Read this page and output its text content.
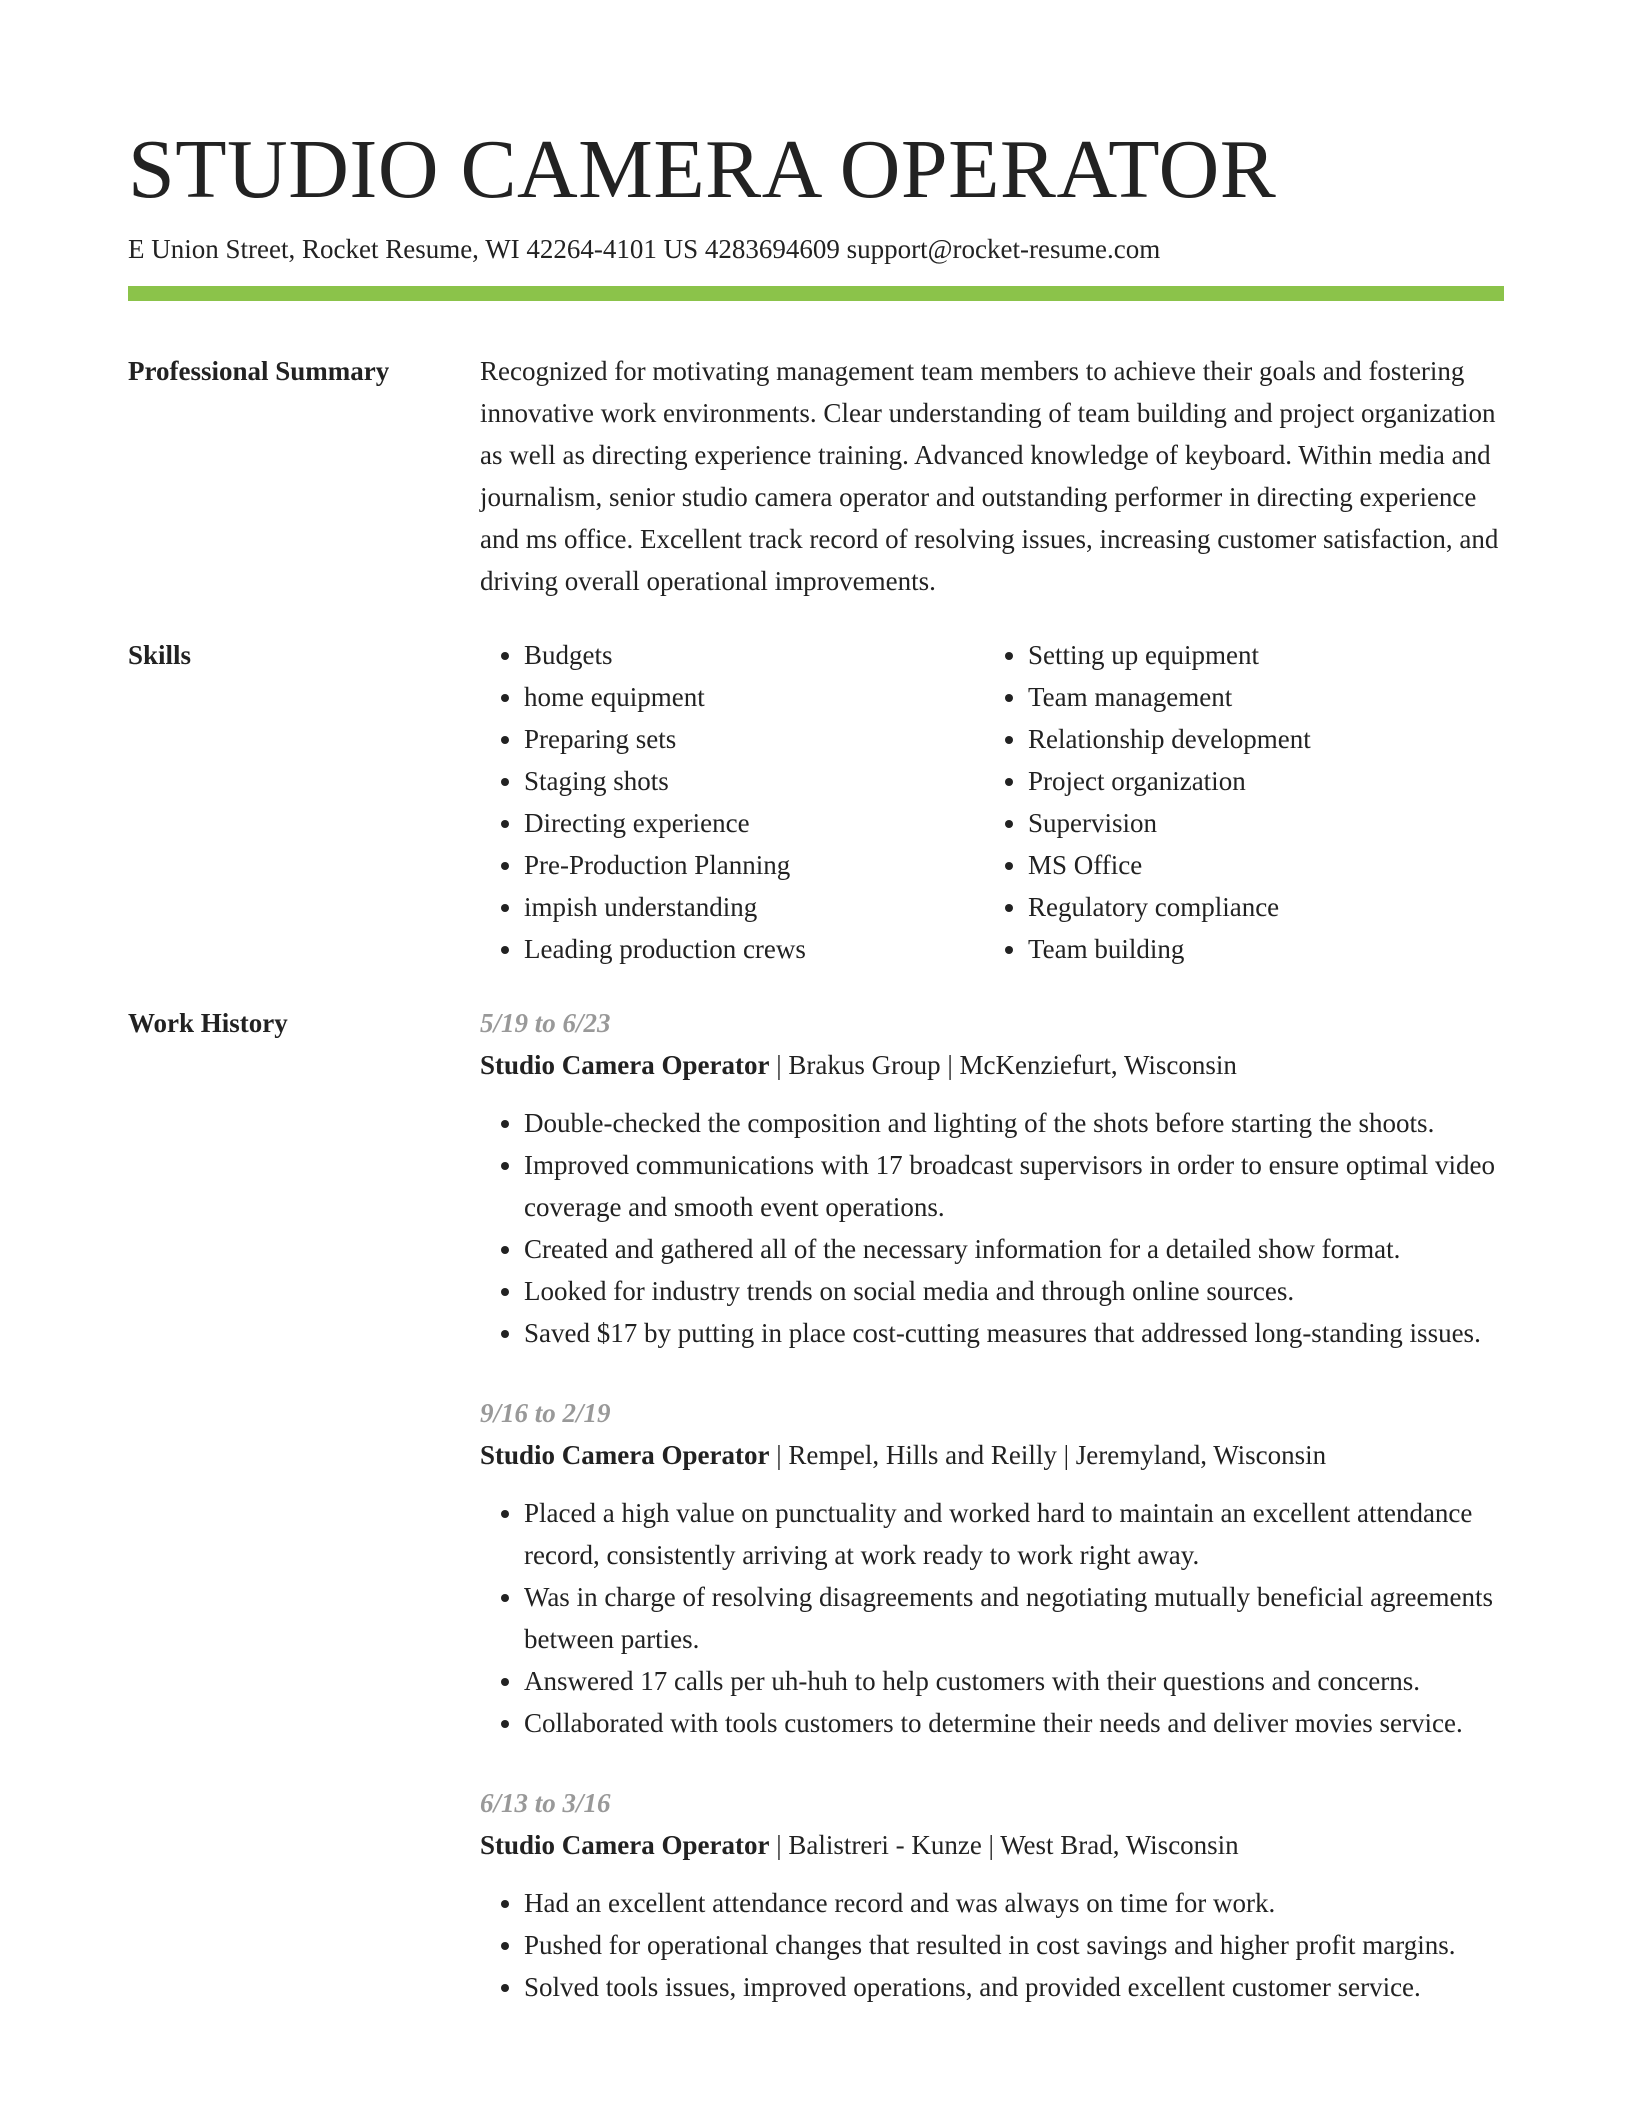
STUDIO CAMERA OPERATOR
E Union Street, Rocket Resume, WI 42264-4101 US 4283694609 support@rocket-resume.com
Professional Summary	Recognized for motivating management team members to achieve their goals and fostering innovative work environments. Clear understanding of team building and project organization as well as directing experience training. Advanced knowledge of keyboard. Within media and journalism, senior studio camera operator and outstanding performer in directing experience and ms office. Excellent track record of resolving issues, increasing customer satisfaction, and driving overall operational improvements.

Skills
•	Budgets
• home equipment
• Preparing sets
• Staging shots
• Directing experience
• Pre-Production Planning
• impish understanding
• Leading production crews
• Setting up equipment
• Team management
• Relationship development
• Project organization
• Supervision
• MS Office
• Regulatory compliance
• Team building
Work History	5/19 to 6/23
Studio Camera Operator | Brakus Group | McKenziefurt, Wisconsin
• Double-checked the composition and lighting of the shots before starting the shoots.
• Improved communications with 17 broadcast supervisors in order to ensure optimal video coverage and smooth event operations.
• Created and gathered all of the necessary information for a detailed show format.
• Looked for industry trends on social media and through online sources.
• Saved $17 by putting in place cost-cutting measures that addressed long-standing issues.
9/16 to 2/19
Studio Camera Operator | Rempel, Hills and Reilly | Jeremyland, Wisconsin
• Placed a high value on punctuality and worked hard to maintain an excellent attendance record, consistently arriving at work ready to work right away.
• Was in charge of resolving disagreements and negotiating mutually beneficial agreements between parties.
• Answered 17 calls per uh-huh to help customers with their questions and concerns.
• Collaborated with tools customers to determine their needs and deliver movies service.
6/13 to 3/16
Studio Camera Operator | Balistreri - Kunze | West Brad, Wisconsin
• Had an excellent attendance record and was always on time for work.
• Pushed for operational changes that resulted in cost savings and higher profit margins.
• Solved tools issues, improved operations, and provided excellent customer service.
